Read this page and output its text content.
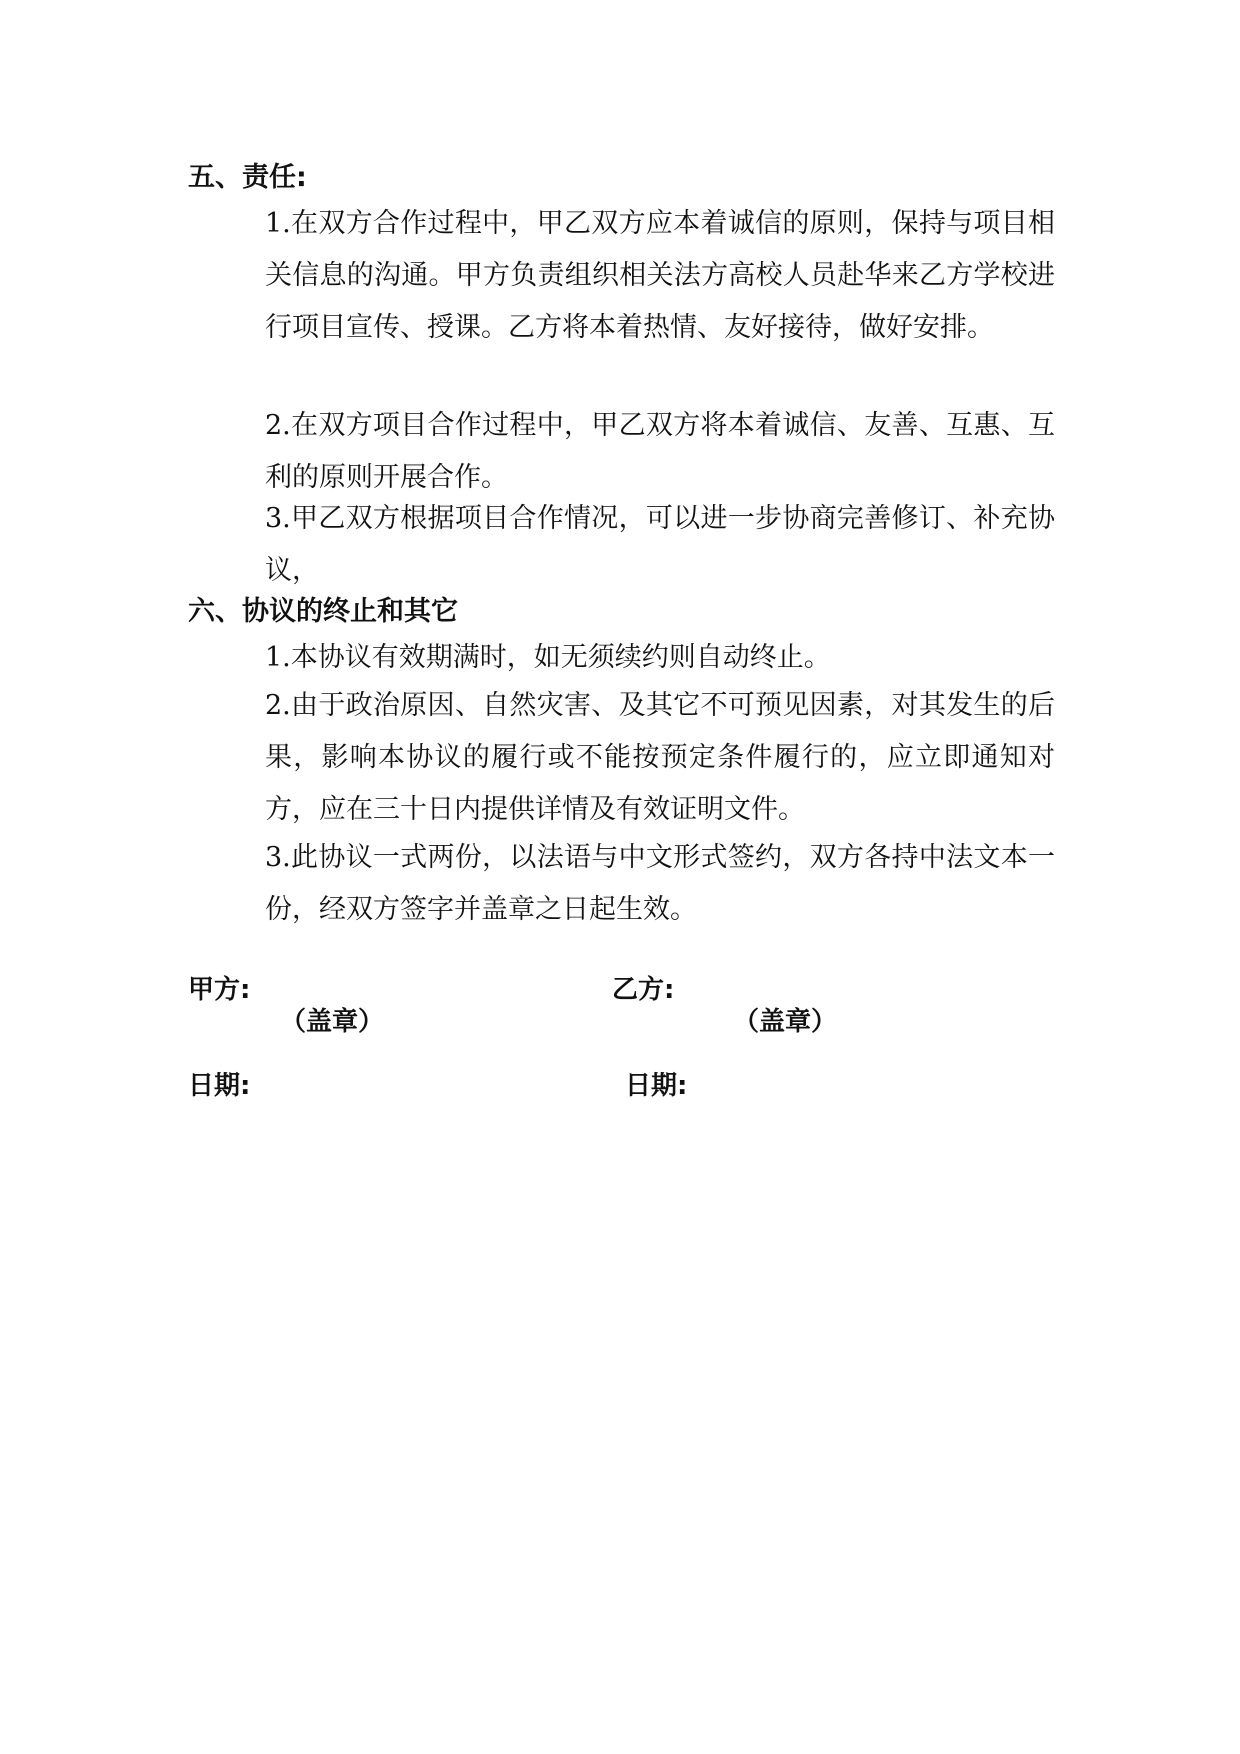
五、责任:
1.在双方合作过程中，甲乙双方应本着诚信的原则，保持与项目相关信息的沟通。甲方负责组织相关法方高校人员赴华来乙方学校进行项目宣传、授课。乙方将本着热情、友好接待，做好安排。
2.在双方项目合作过程中，甲乙双方将本着诚信、友善、互惠、互利的原则开展合作。
3.甲乙双方根据项目合作情况，可以进一步协商完善修订、补充协议，
六、协议的终止和其它
1.本协议有效期满时，如无须续约则自动终止。
2.由于政治原因、自然灾害、及其它不可预见因素，对其发生的后果，影响本协议的履行或不能按预定条件履行的，应立即通知对方，应在三十日内提供详情及有效证明文件。
3.此协议一式两份，以法语与中文形式签约，双方各持中法文本一份，经双方签字并盖章之日起生效。
甲方:
（盖章）
日期:
乙方:
（盖章）
日期:
